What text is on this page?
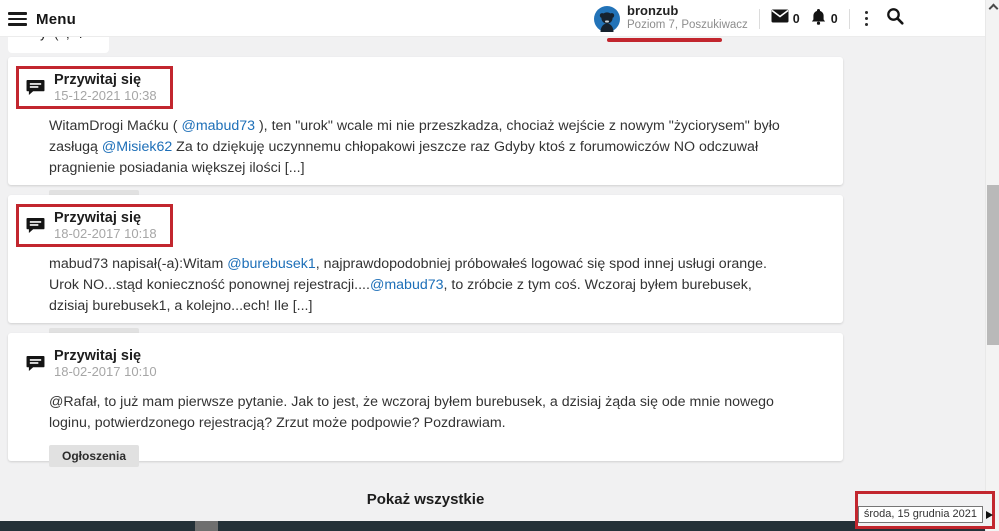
Menu	bronzub
Poziom 7, Poszukiwacz	0 0
Przywitaj się
15-12-2021 10:38

WitamDrogi Maćku ( @mabud73 ), ten "urok" wcale mi nie przeszkadza, chociaż wejście z nowym "życiorysem" było zasługą @Misiek62 Za to dziękuję uczynnemu chłopakowi jeszcze raz Gdyby ktoś z forumowiczów NO odczuwał pragnienie posiadania większej ilości [...]

Przywitaj się
18-02-2017 10:18

mabud73 napisał(-a):Witam @burebusek1, najprawdopodobniej próbowałeś logować się spod innej usługi orange. Urok NO...stąd konieczność ponownej rejestracji....@mabud73, to zróbcie z tym coś. Wczoraj byłem burebusek, dzisiaj burebusek1, a kolejno...ech! Ile [...]

Przywitaj się
18-02-2017 10:10

@Rafał, to już mam pierwsze pytanie. Jak to jest, że wczoraj byłem burebusek, a dzisiaj żąda się ode mnie nowego loginu, potwierdzonego rejestracją? Zrzut może podpowie? Pozdrawiam.

Ogłoszenia
Pokaż wszystkie
środa, 15 grudnia 2021
